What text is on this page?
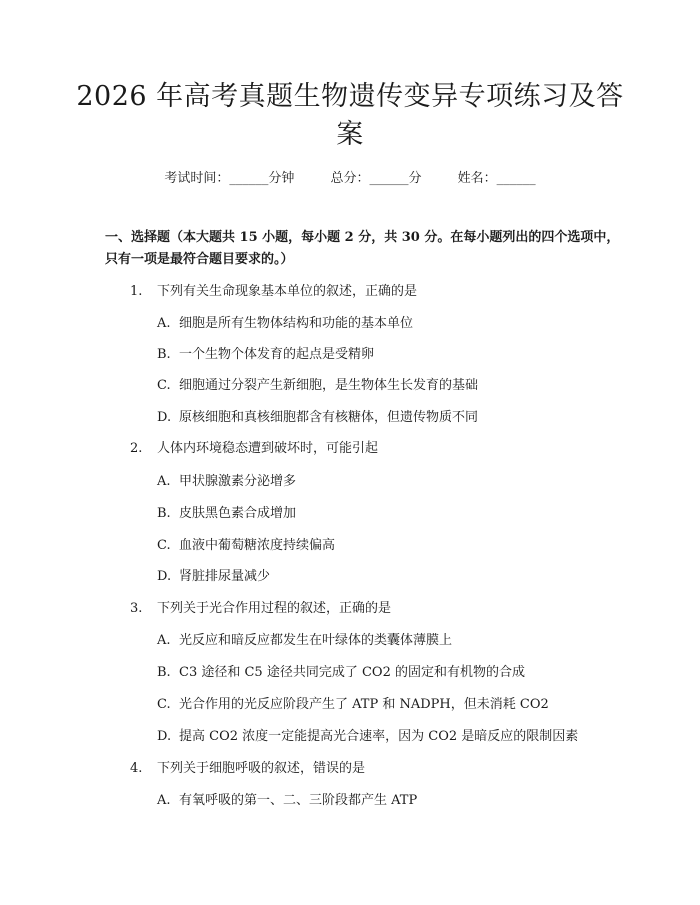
2026 年高考真题生物遗传变异专项练习及答案
考试时间：______分钟	总分：______分	姓名：______
一、选择题（本大题共 15 小题，每小题 2 分，共 30 分。在每小题列出的四个选项中，只有一项是最符合题目要求的。）
1. 下列有关生命现象基本单位的叙述，正确的是
A. 细胞是所有生物体结构和功能的基本单位
B. 一个生物个体发育的起点是受精卵
C. 细胞通过分裂产生新细胞，是生物体生长发育的基础
D. 原核细胞和真核细胞都含有核糖体，但遗传物质不同
2. 人体内环境稳态遭到破坏时，可能引起
A. 甲状腺激素分泌增多
B. 皮肤黑色素合成增加
C. 血液中葡萄糖浓度持续偏高
D. 肾脏排尿量减少
3. 下列关于光合作用过程的叙述，正确的是
A. 光反应和暗反应都发生在叶绿体的类囊体薄膜上
B. C3 途径和 C5 途径共同完成了 CO2 的固定和有机物的合成
C. 光合作用的光反应阶段产生了 ATP 和 NADPH，但未消耗 CO2
D. 提高 CO2 浓度一定能提高光合速率，因为 CO2 是暗反应的限制因素
4. 下列关于细胞呼吸的叙述，错误的是
A. 有氧呼吸的第一、二、三阶段都产生 ATP
